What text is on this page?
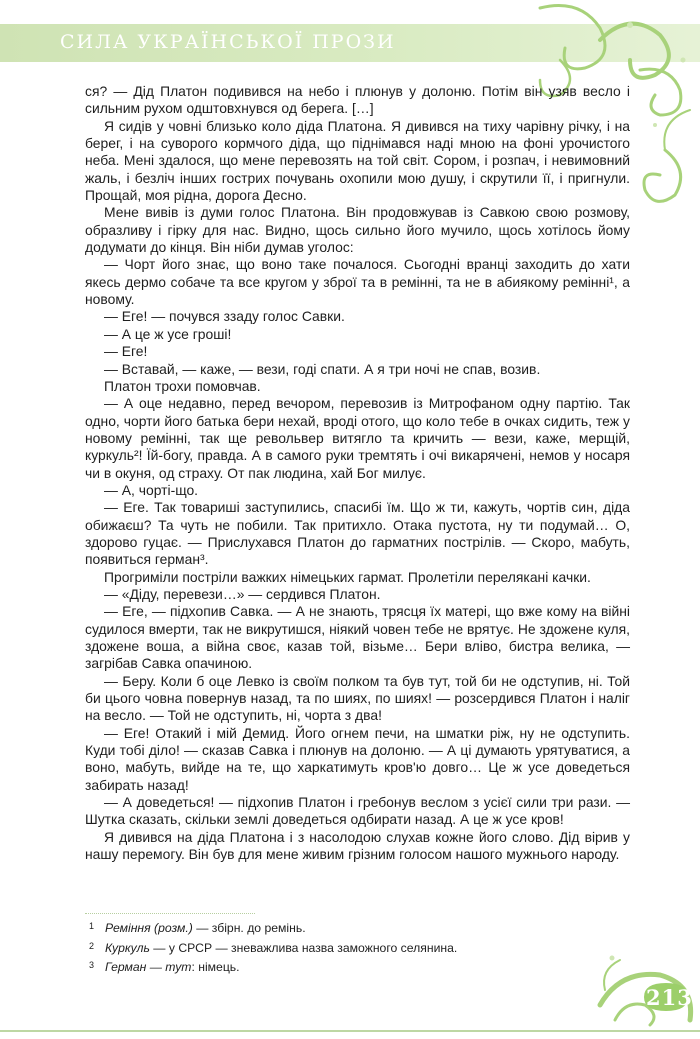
СИЛА УКРАЇНСЬКОЇ ПРОЗИ

ся? — Дід Платон подивився на небо і плюнув у долоню. Потім він узяв весло і сильним рухом одштовхнувся од берега. […]

Я сидів у човні близько коло діда Платона. Я дивився на тиху чарівну річку, і на берег, і на суворого кормчого діда, що піднімався наді мною на фоні урочистого неба. Мені здалося, що мене перевозять на той світ. Сором, і розпач, і невимовний жаль, і безліч інших гострих почувань охопили мою душу, і скрутили її, і пригнули. Прощай, моя рідна, дорога Десно.

Мене вивів із думи голос Платона. Він продовжував із Савкою свою розмову, образливу і гірку для нас. Видно, щось сильно його мучило, щось хотілось йому додумати до кінця. Він ніби думав уголос:

— Чорт його знає, що воно таке почалося. Сьогодні вранці заходить до хати якесь дермо собаче та все кругом у зброї та в ремінні, та не в абиякому ремінні¹, а новому.

— Еге! — почувся ззаду голос Савки.

— А це ж усе гроші!

— Еге!

— Вставай, — каже, — вези, годі спати. А я три ночі не спав, возив.

Платон трохи помовчав.

— А оце недавно, перед вечором, перевозив із Митрофаном одну партію. Так одно, чорти його батька бери нехай, вроді отого, що коло тебе в очках сидить, теж у новому ремінні, так ще револьвер витягло та кричить — вези, каже, мерщій, куркуль²! Їй-богу, правда. А в самого руки тремтять і очі викарячені, немов у носаря чи в окуня, од страху. От пак людина, хай Бог милує.

— А, чорті-що.

— Еге. Так товариші заступились, спасибі їм. Що ж ти, кажуть, чортів син, діда обижаєш? Та чуть не побили. Так притихло. Отака пустота, ну ти подумай… О, здорово гуцає. — Прислухався Платон до гарматних пострілів. — Скоро, мабуть, появиться герман³.

Прогриміли постріли важких німецьких гармат. Пролетіли перелякані качки.

— «Діду, перевези…» — сердився Платон.

— Еге, — підхопив Савка. — А не знають, трясця їх матері, що вже кому на війні судилося вмерти, так не викрутишся, ніякий човен тебе не врятує. Не здожене куля, здожене воша, а війна своє, казав той, візьме… Бери вліво, бистра велика, — загрібав Савка опачиною.

— Беру. Коли б оце Левко із своїм полком та був тут, той би не одступив, ні. Той би цього човна повернув назад, та по шиях, по шиях! — розсердився Платон і наліг на весло. — Той не одступить, ні, чорта з два!

— Еге! Отакий і мій Демид. Його огнем печи, на шматки ріж, ну не одступить. Куди тобі діло! — сказав Савка і плюнув на долоню. — А ці думають урятуватися, а воно, мабуть, вийде на те, що харкатимуть кров'ю довго… Це ж усе доведеться забирать назад!

— А доведеться! — підхопив Платон і гребонув веслом з усієї сили три рази. — Шутка сказать, скільки землі доведеться одбирати назад. А це ж усе кров!

Я дивився на діда Платона і з насолодою слухав кожне його слово. Дід вірив у нашу перемогу. Він був для мене живим грізним голосом нашого мужнього народу.

1 Реміння (розм.) — збірн. до ремінь.
2 Куркуль — у СРСР — зневажлива назва заможного селянина.
3 Герман — тут: німець.
213
